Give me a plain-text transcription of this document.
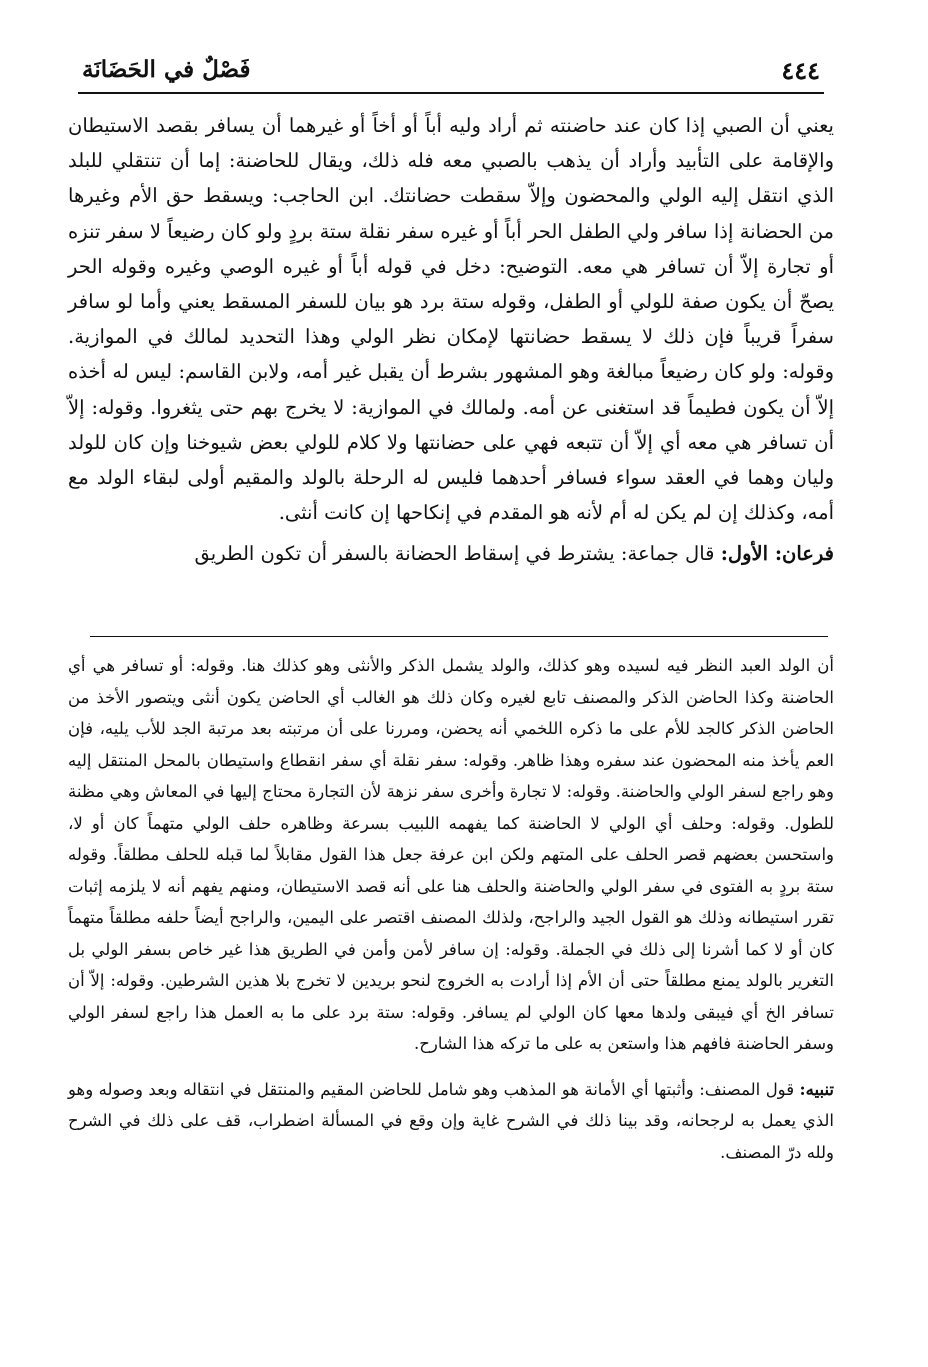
٤٤٤
فَصْلٌ في الحَضَانَة

يعني أن الصبي إذا كان عند حاضنته ثم أراد وليه أباً أو أخاً أو غيرهما أن يسافر بقصد الاستيطان والإقامة على التأبيد وأراد أن يذهب بالصبي معه فله ذلك، ويقال للحاضنة: إما أن تنتقلي للبلد الذي انتقل إليه الولي والمحضون وإلاّ سقطت حضانتك. ابن الحاجب: ويسقط حق الأم وغيرها من الحضانة إذا سافر ولي الطفل الحر أباً أو غيره سفر نقلة ستة بردٍ ولو كان رضيعاً لا سفر تنزه أو تجارة إلاّ أن تسافر هي معه. التوضيح: دخل في قوله أباً أو غيره الوصي وغيره وقوله الحر يصحّ أن يكون صفة للولي أو الطفل، وقوله ستة برد هو بيان للسفر المسقط يعني وأما لو سافر سفراً قريباً فإن ذلك لا يسقط حضانتها لإمكان نظر الولي وهذا التحديد لمالك في الموازية. وقوله: ولو كان رضيعاً مبالغة وهو المشهور بشرط أن يقبل غير أمه، ولابن القاسم: ليس له أخذه إلاّ أن يكون فطيماً قد استغنى عن أمه. ولمالك في الموازية: لا يخرج بهم حتى يثغروا. وقوله: إلاّ أن تسافر هي معه أي إلاّ أن تتبعه فهي على حضانتها ولا كلام للولي بعض شيوخنا وإن كان للولد وليان وهما في العقد سواء فسافر أحدهما فليس له الرحلة بالولد والمقيم أولى لبقاء الولد مع أمه، وكذلك إن لم يكن له أم لأنه هو المقدم في إنكاحها إن كانت أنثى.

فرعان: الأول: قال جماعة: يشترط في إسقاط الحضانة بالسفر أن تكون الطريق

أن الولد العبد النظر فيه لسيده وهو كذلك، والولد يشمل الذكر والأنثى وهو كذلك هنا. وقوله: أو تسافر هي أي الحاضنة وكذا الحاضن الذكر والمصنف تابع لغيره وكان ذلك هو الغالب أي الحاضن يكون أنثى ويتصور الأخذ من الحاضن الذكر كالجد للأم على ما ذكره اللخمي أنه يحضن، ومررنا على أن مرتبته بعد مرتبة الجد للأب يليه، فإن العم يأخذ منه المحضون عند سفره وهذا ظاهر. وقوله: سفر نقلة أي سفر انقطاع واستيطان بالمحل المنتقل إليه وهو راجع لسفر الولي والحاضنة. وقوله: لا تجارة وأخرى سفر نزهة لأن التجارة محتاج إليها في المعاش وهي مظنة للطول. وقوله: وحلف أي الولي لا الحاضنة كما يفهمه اللبيب بسرعة وظاهره حلف الولي متهماً كان أو لا، واستحسن بعضهم قصر الحلف على المتهم ولكن ابن عرفة جعل هذا القول مقابلاً لما قبله للحلف مطلقاً. وقوله ستة بردٍ به الفتوى في سفر الولي والحاضنة والحلف هنا على أنه قصد الاستيطان، ومنهم يفهم أنه لا يلزمه إثبات تقرر استيطانه وذلك هو القول الجيد والراجح، ولذلك المصنف اقتصر على اليمين، والراجح أيضاً حلفه مطلقاً متهماً كان أو لا كما أشرنا إلى ذلك في الجملة. وقوله: إن سافر لأمن وأمن في الطريق هذا غير خاص بسفر الولي بل التغرير بالولد يمنع مطلقاً حتى أن الأم إذا أرادت به الخروج لنحو بريدين لا تخرج بلا هذين الشرطين. وقوله: إلاّ أن تسافر الخ أي فيبقى ولدها معها كان الولي لم يسافر. وقوله: ستة برد على ما به العمل هذا راجع لسفر الولي وسفر الحاضنة فافهم هذا واستعن به على ما تركه هذا الشارح.

تنبيه: قول المصنف: وأثبتها أي الأمانة هو المذهب وهو شامل للحاضن المقيم والمنتقل في انتقاله وبعد وصوله وهو الذي يعمل به لرجحانه، وقد بينا ذلك في الشرح غاية وإن وقع في المسألة اضطراب، قف على ذلك في الشرح ولله درّ المصنف.
